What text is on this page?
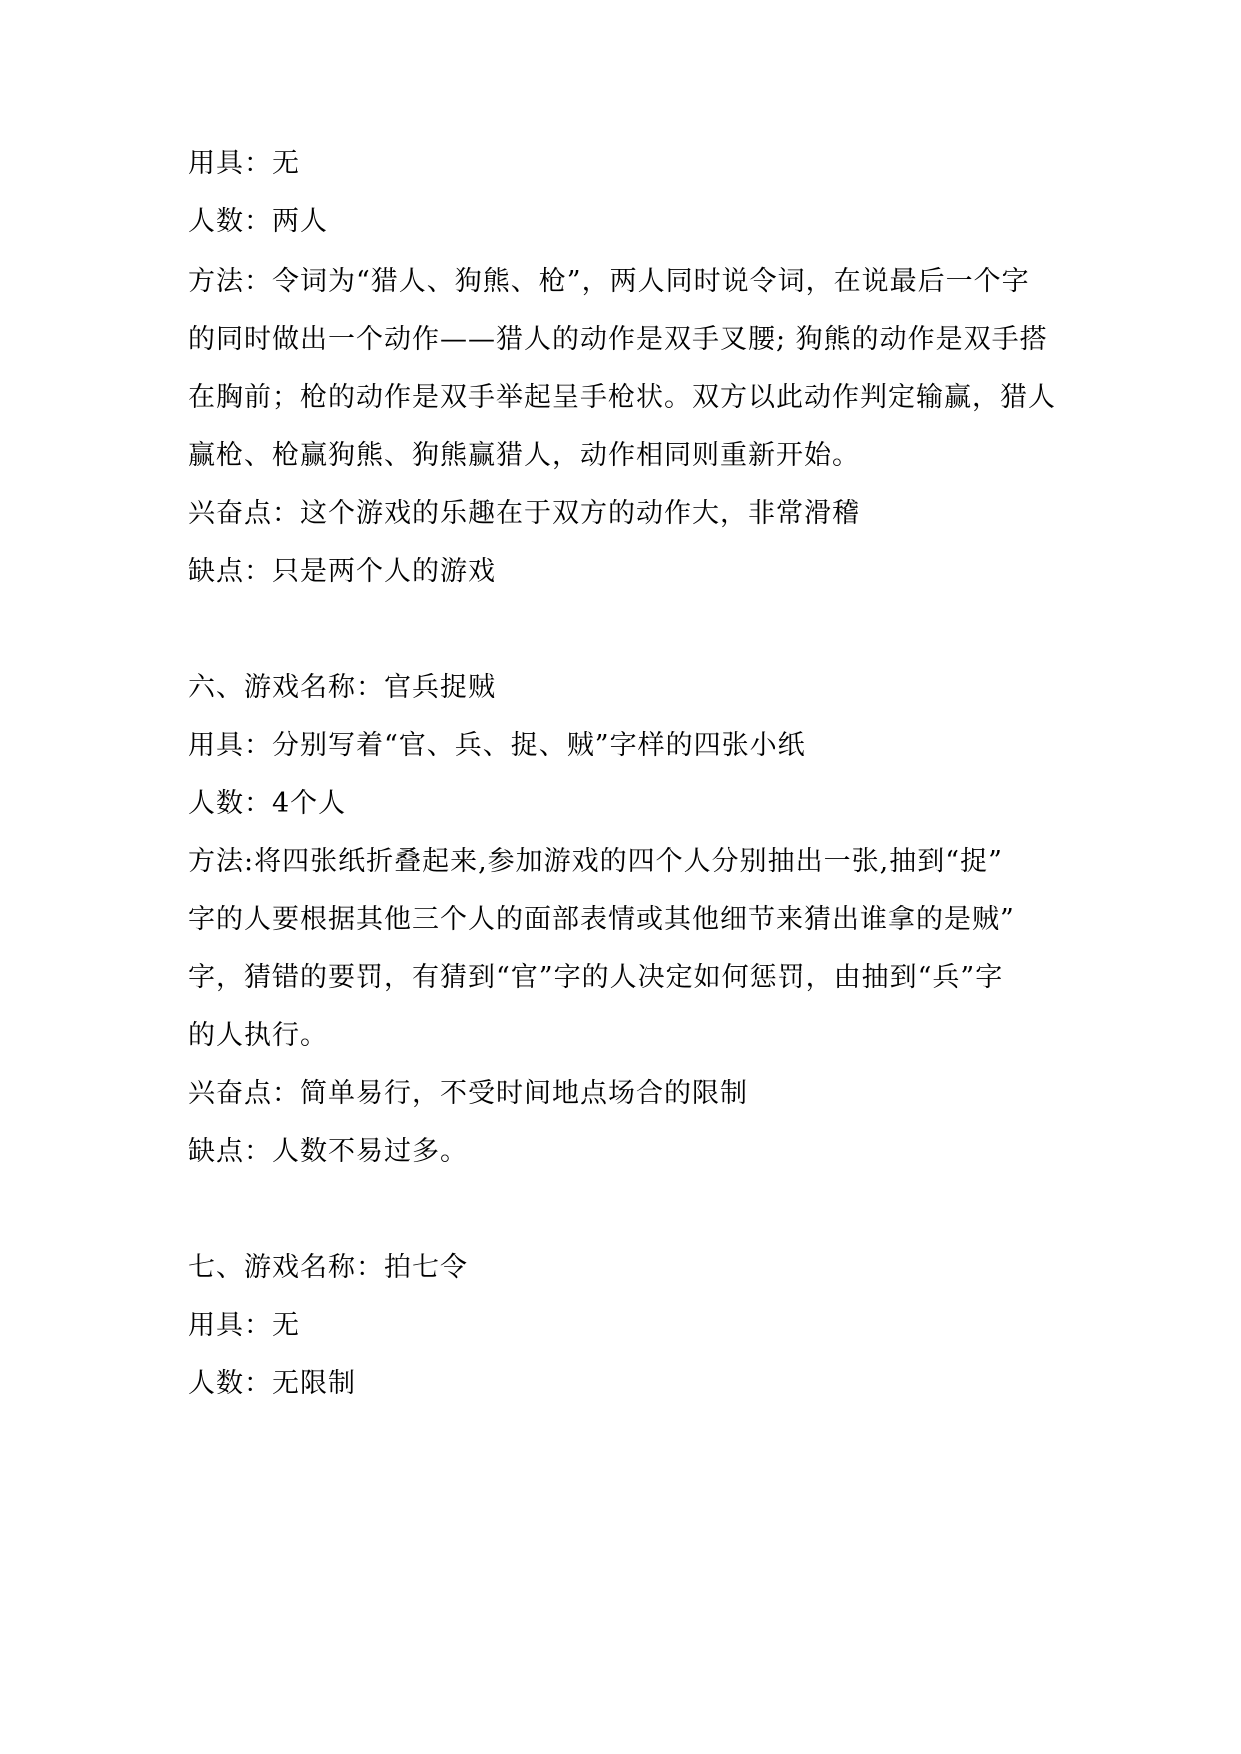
用具：无
人数：两人
方法：令词为“猎人、狗熊、枪”，两人同时说令词，在说最后一个字
的同时做出一个动作——猎人的动作是双手叉腰; 狗熊的动作是双手搭
在胸前；枪的动作是双手举起呈手枪状。双方以此动作判定输赢，猎人
赢枪、枪赢狗熊、狗熊赢猎人，动作相同则重新开始。
兴奋点：这个游戏的乐趣在于双方的动作大，非常滑稽
缺点：只是两个人的游戏
六、游戏名称：官兵捉贼
用具：分别写着“官、兵、捉、贼”字样的四张小纸
人数：4个人
方法:将四张纸折叠起来,参加游戏的四个人分别抽出一张,抽到“捉”
字的人要根据其他三个人的面部表情或其他细节来猜出谁拿的是贼”
字，猜错的要罚，有猜到“官”字的人决定如何惩罚，由抽到“兵”字
的人执行。
兴奋点：简单易行，不受时间地点场合的限制
缺点：人数不易过多。
七、游戏名称：拍七令
用具：无
人数：无限制
